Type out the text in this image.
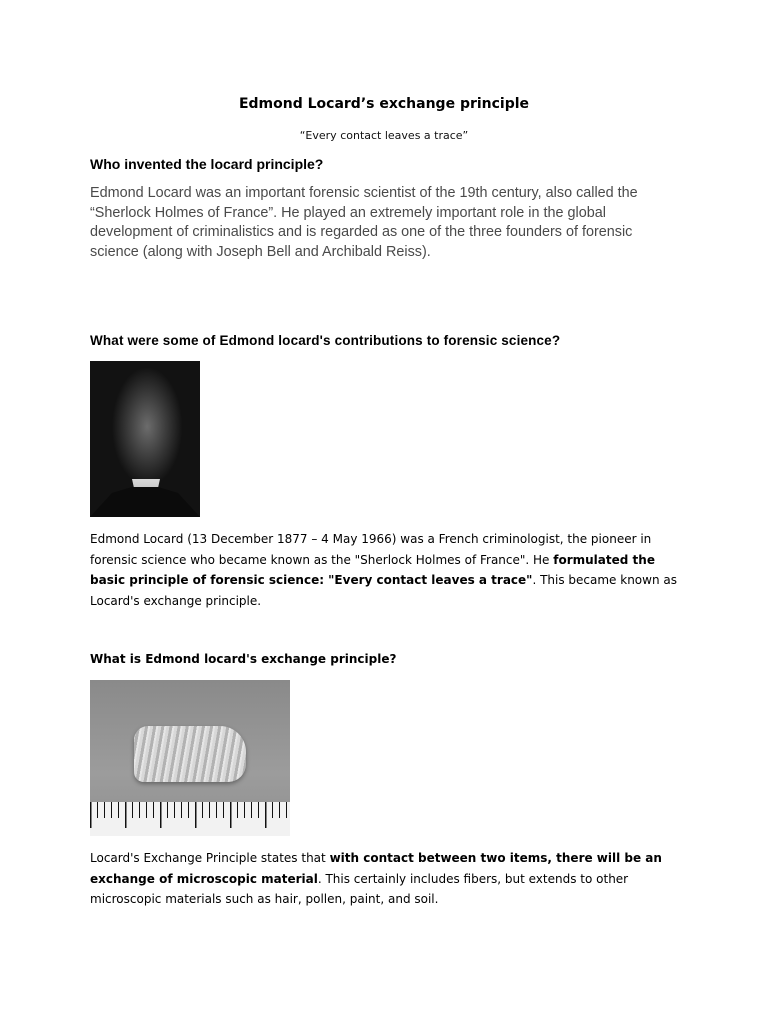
Edmond Locard’s exchange principle
“Every contact leaves a trace”
Who invented the locard principle?
Edmond Locard was an important forensic scientist of the 19th century, also called the “Sherlock Holmes of France”. He played an extremely important role in the global development of criminalistics and is regarded as one of the three founders of forensic science (along with Joseph Bell and Archibald Reiss).
What were some of Edmond locard's contributions to forensic science?
Edmond Locard (13 December 1877 – 4 May 1966) was a French criminologist, the pioneer in forensic science who became known as the "Sherlock Holmes of France". He formulated the basic principle of forensic science: "Every contact leaves a trace". This became known as Locard's exchange principle.
What is Edmond locard's exchange principle?
Locard's Exchange Principle states that with contact between two items, there will be an exchange of microscopic material. This certainly includes fibers, but extends to other microscopic materials such as hair, pollen, paint, and soil.
